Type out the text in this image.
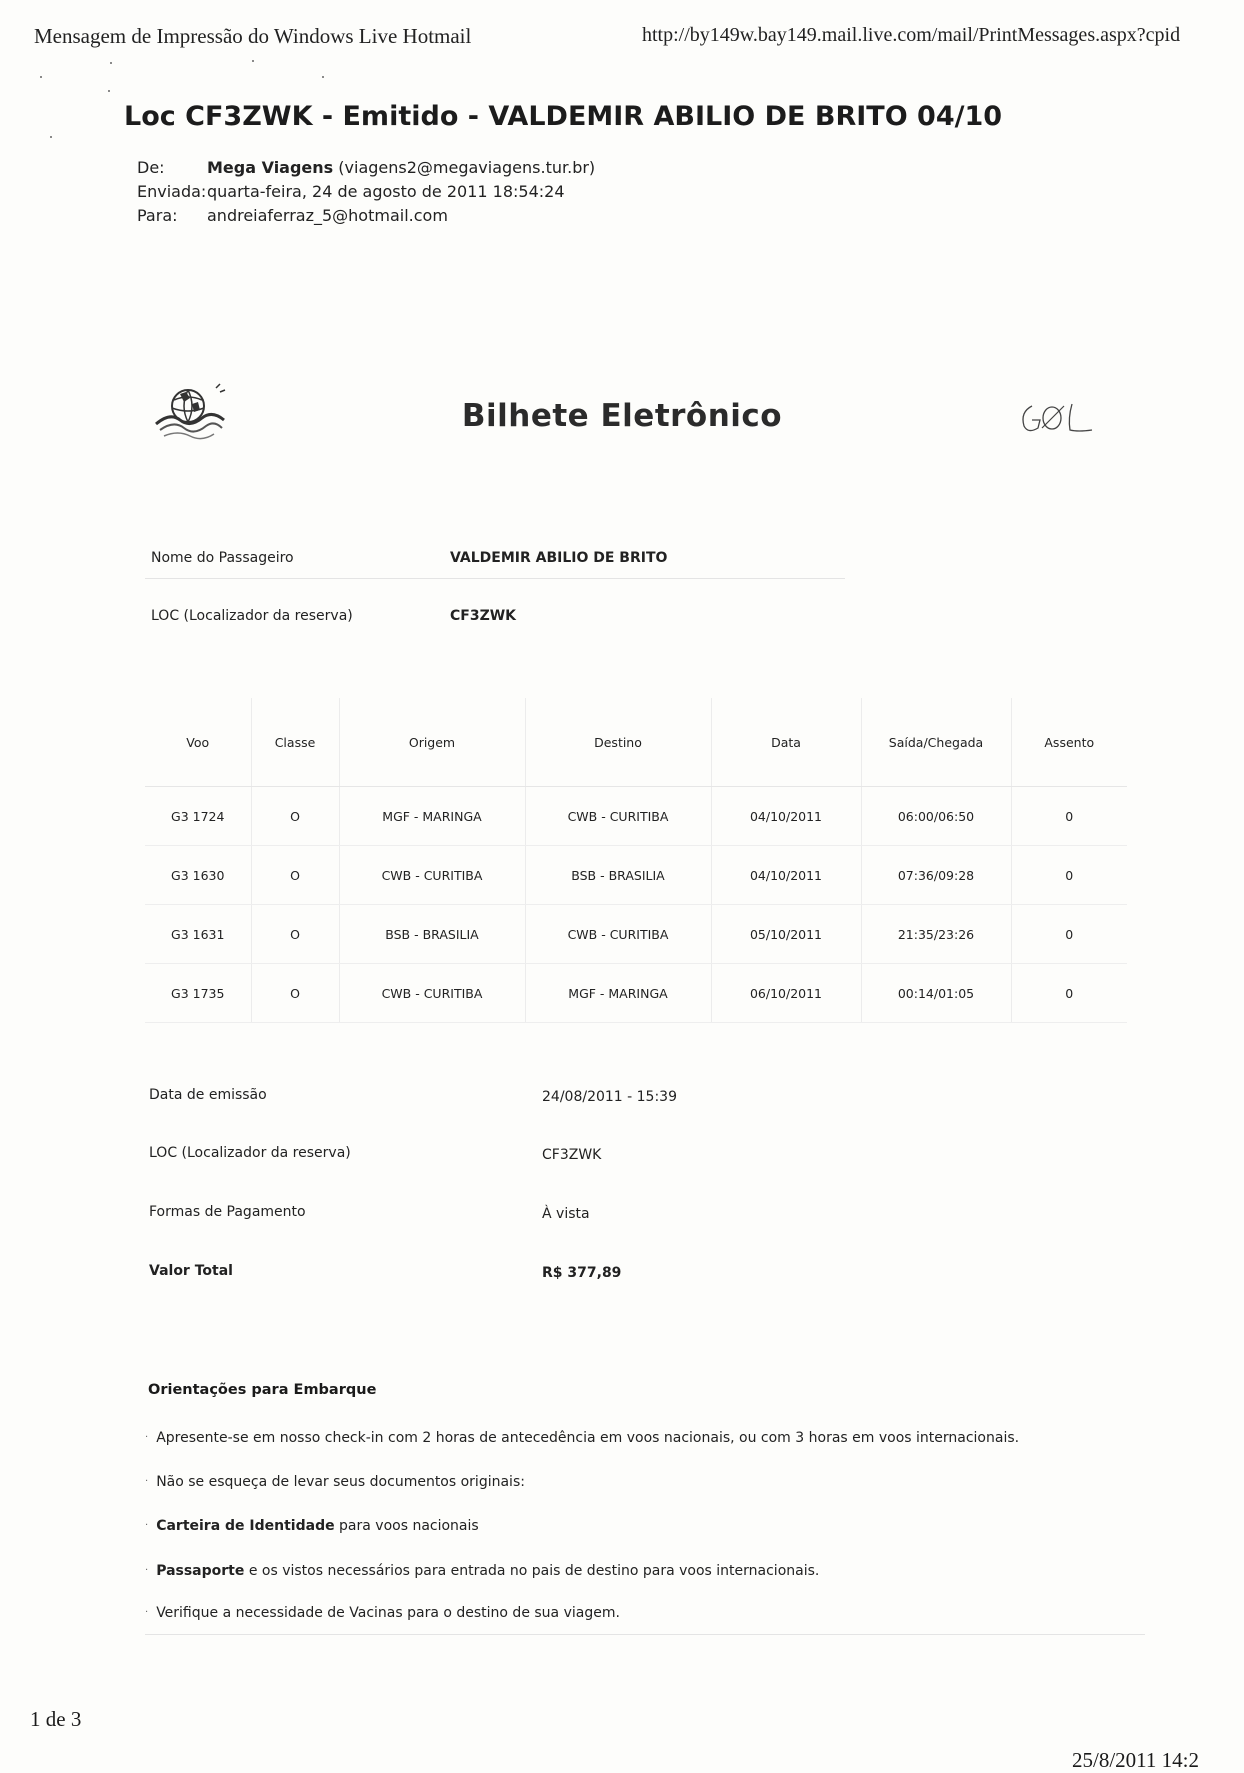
Mensagem de Impressão do Windows Live Hotmail	http://by149w.bay149.mail.live.com/mail/PrintMessages.aspx?cpid
Loc CF3ZWK - Emitido - VALDEMIR ABILIO DE BRITO 04/10
De:	Mega Viagens (viagens2@megaviagens.tur.br)
Enviada:quarta-feira, 24 de agosto de 2011 18:54:24
Para: andreiaferraz_5@hotmail.com
Bilhete Eletrônico
Nome do Passageiro	VALDEMIR ABILIO DE BRITO
LOC (Localizador da reserva)	CF3ZWK
Voo	Classe	Origem	Destino	Data	Saída/Chegada	Assento
G3 1724	O	MGF - MARINGA	CWB - CURITIBA	04/10/2011	06:00/06:50	0
G3 1630	O	CWB - CURITIBA	BSB - BRASILIA	04/10/2011	07:36/09:28	0
G3 1631	O	BSB - BRASILIA	CWB - CURITIBA	05/10/2011	21:35/23:26	0
G3 1735	O	CWB - CURITIBA	MGF - MARINGA	06/10/2011	00:14/01:05	0
Data de emissão	24/08/2011 - 15:39
LOC (Localizador da reserva)	CF3ZWK
Formas de Pagamento	À vista
Valor Total	R$ 377,89
Orientações para Embarque
· Apresente-se em nosso check-in com 2 horas de antecedência em voos nacionais, ou com 3 horas em voos internacionais.
· Não se esqueça de levar seus documentos originais:
· Carteira de Identidade para voos nacionais
· Passaporte e os vistos necessários para entrada no pais de destino para voos internacionais.
· Verifique a necessidade de Vacinas para o destino de sua viagem.
1 de 3
25/8/2011 14:2
